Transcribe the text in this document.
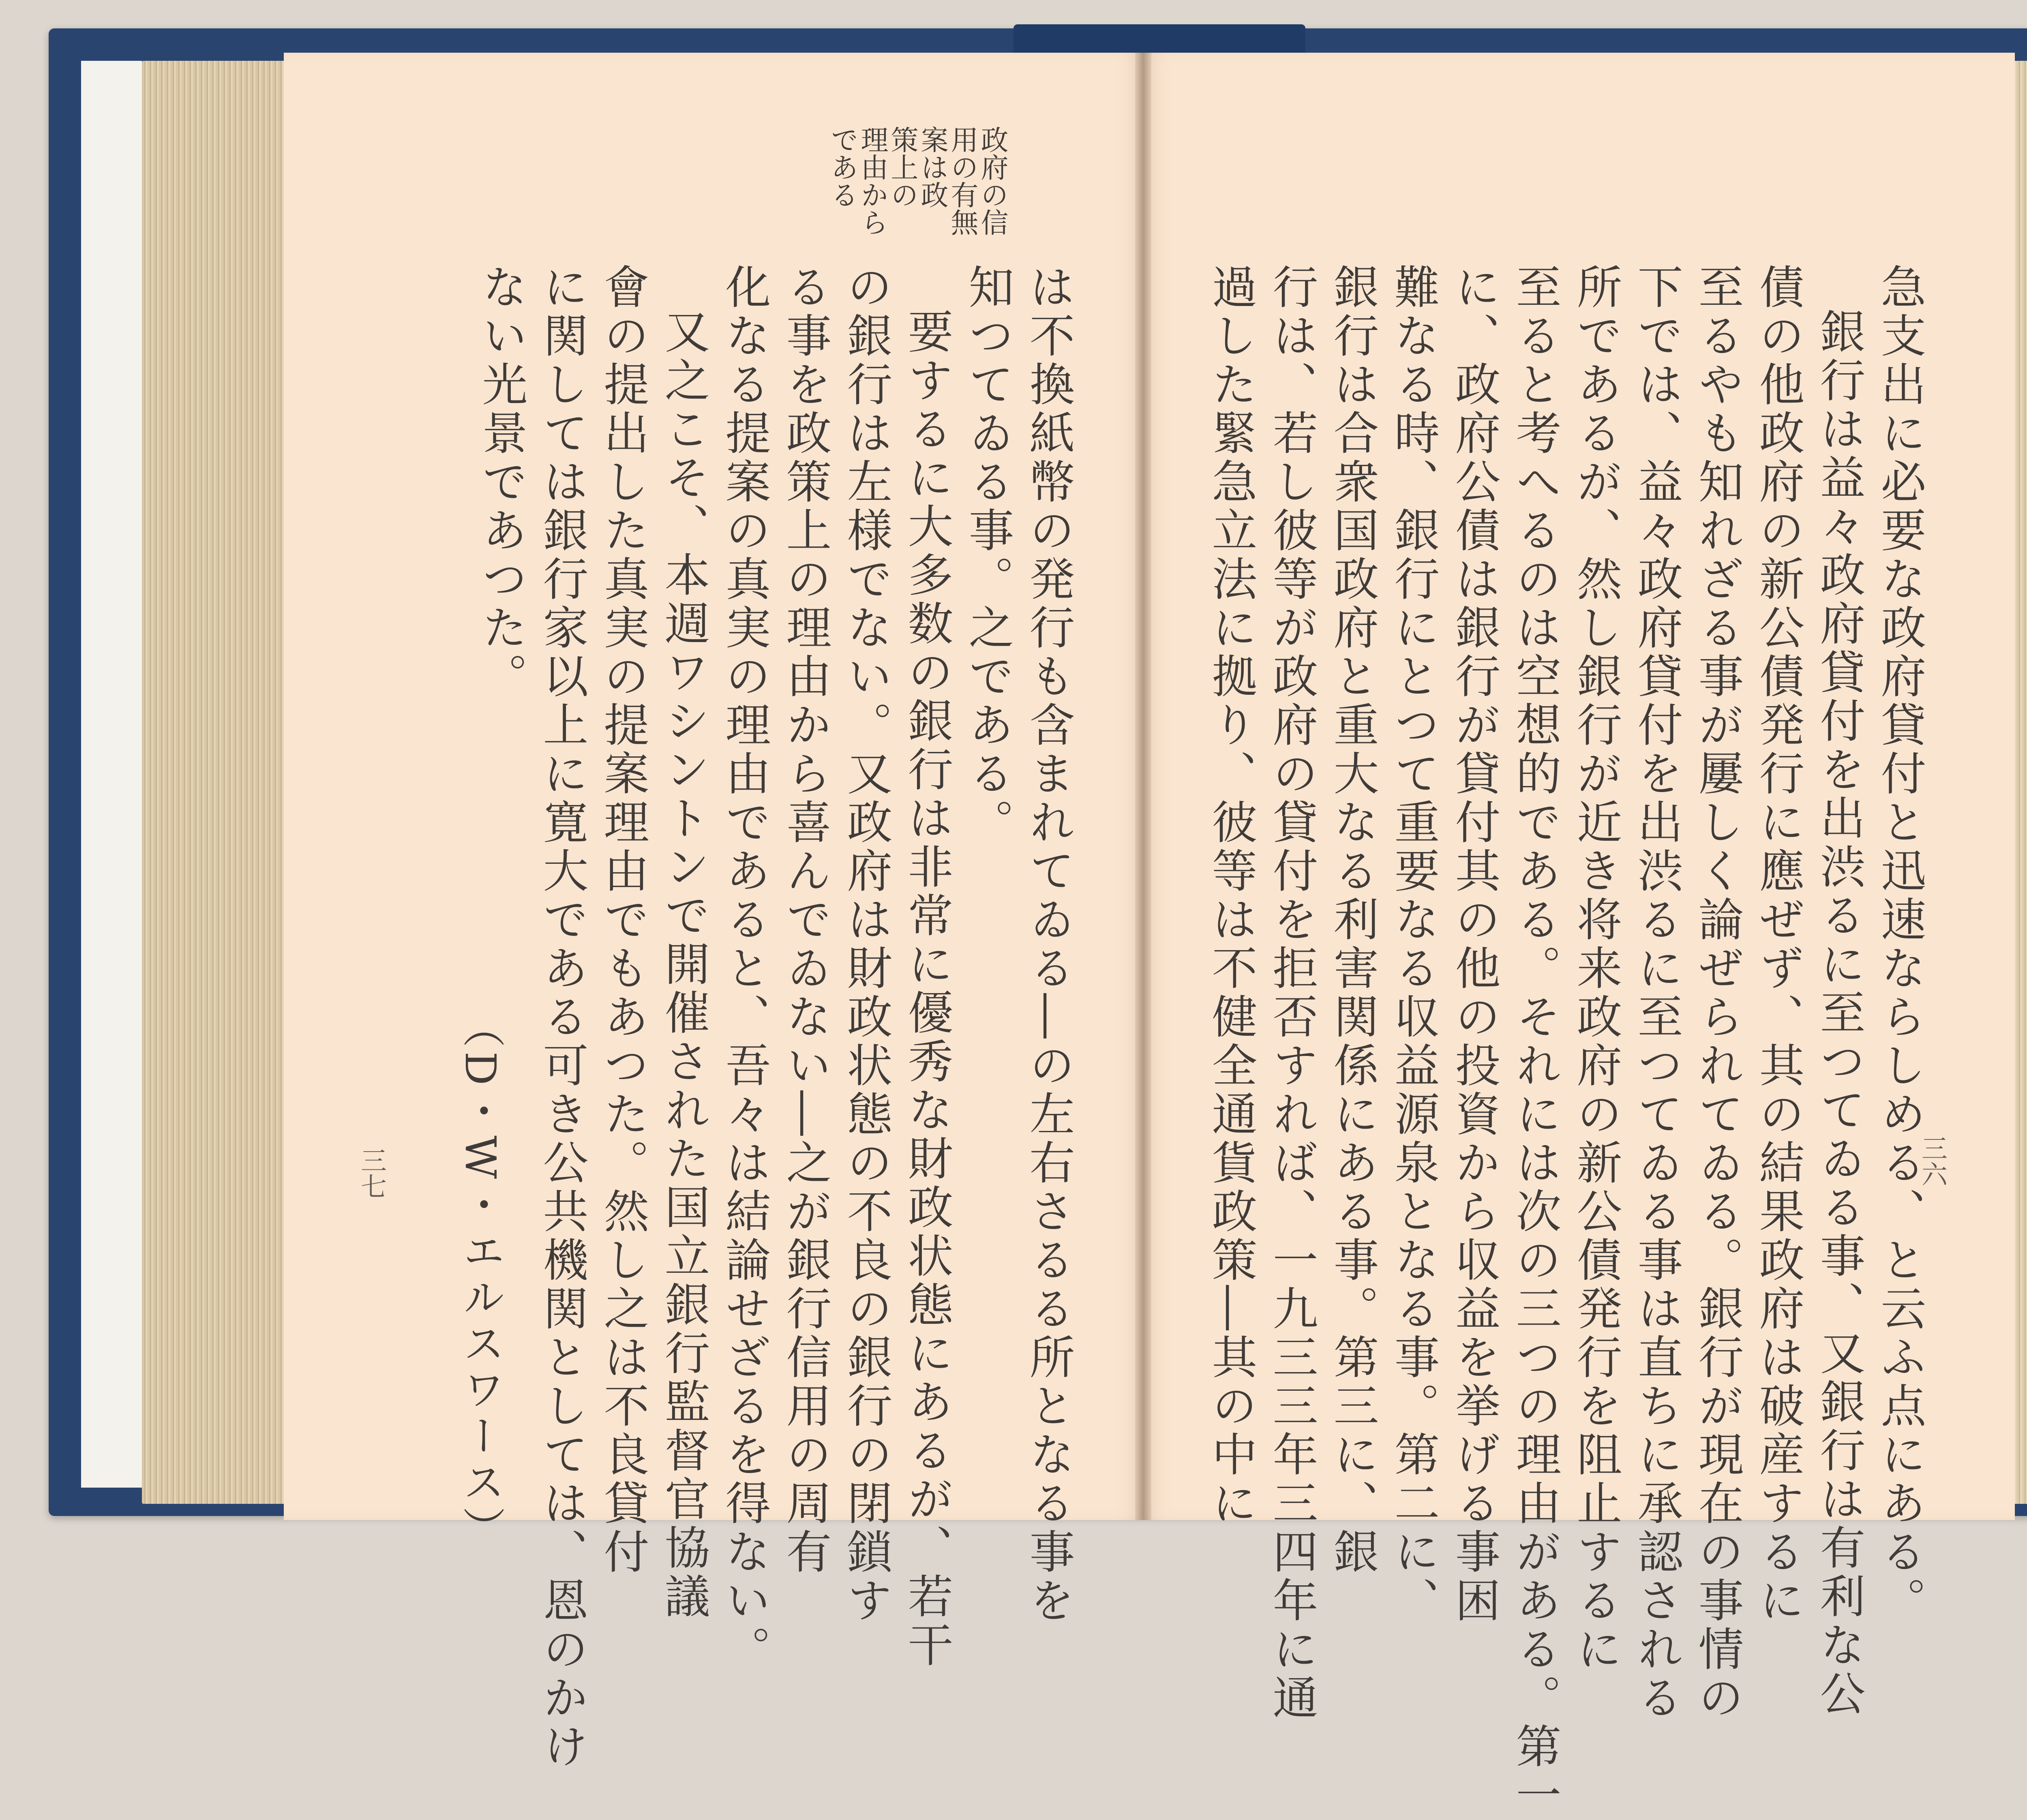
急支出に必要な政府貸付と迅速ならしめる、と云ふ点にある。
銀行は益々政府貸付を出渋るに至つてゐる事、又銀行は有利な公
債の他政府の新公債発行に應ぜず、其の結果政府は破産するに
至るやも知れざる事が屢しく論ぜられてゐる。銀行が現在の事情の
下では、益々政府貸付を出渋るに至つてゐる事は直ちに承認される
所であるが、然し銀行が近き将来政府の新公債発行を阻止するに
至ると考へるのは空想的である。それには次の三つの理由がある。第一
に、政府公債は銀行が貸付其の他の投資から収益を挙げる事困
難なる時、銀行にとつて重要なる収益源泉となる事。第二に、
銀行は合衆国政府と重大なる利害関係にある事。第三に、銀
行は、若し彼等が政府の貸付を拒否すれば、一九三三年三四年に通
過した緊急立法に拠り、彼等は不健全通貨政策―其の中に	三六
政府の信
用の有無
案は政
策上の
理由から
である
は不換紙幣の発行も含まれてゐる―の左右さるる所となる事を
知つてゐる事。之である。
要するに大多数の銀行は非常に優秀な財政状態にあるが、若干
の銀行は左様でない。又政府は財政状態の不良の銀行の閉鎖す
る事を政策上の理由から喜んでゐない―之が銀行信用の周有
化なる提案の真実の理由であると、吾々は結論せざるを得ない。
又之こそ、本週ワシントンで開催された国立銀行監督官協議
會の提出した真実の提案理由でもあつた。然し之は不良貸付
に関しては銀行家以上に寛大である可き公共機関としては、恩のかけ
ない光景であつた。
（D・W・エルスワース）
三七
